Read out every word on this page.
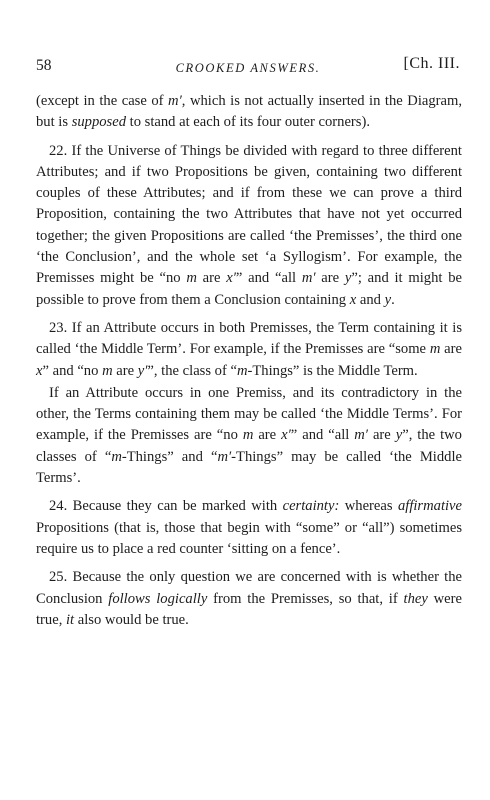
58	CROOKED ANSWERS.	[Ch. III.

(except in the case of m′, which is not actually inserted in the Diagram, but is supposed to stand at each of its four outer corners).

22. If the Universe of Things be divided with regard to three different Attributes; and if two Propositions be given, containing two different couples of these Attributes; and if from these we can prove a third Proposition, containing the two Attributes that have not yet occurred together; the given Propositions are called ‘the Premisses’, the third one ‘the Conclusion’, and the whole set ‘a Syllogism’. For example, the Premisses might be “no m are x′” and “all m′ are y”; and it might be possible to prove from them a Conclusion containing x and y.

23. If an Attribute occurs in both Premisses, the Term containing it is called ‘the Middle Term’. For example, if the Premisses are “some m are x” and “no m are y′”, the class of “m-Things” is the Middle Term.

If an Attribute occurs in one Premiss, and its contradictory in the other, the Terms containing them may be called ‘the Middle Terms’. For example, if the Premisses are “no m are x′” and “all m′ are y”, the two classes of “m-Things” and “m′-Things” may be called ‘the Middle Terms’.

24. Because they can be marked with certainty: whereas affirmative Propositions (that is, those that begin with “some” or “all”) sometimes require us to place a red counter ‘sitting on a fence’.

25. Because the only question we are concerned with is whether the Conclusion follows logically from the Premisses, so that, if they were true, it also would be true.
